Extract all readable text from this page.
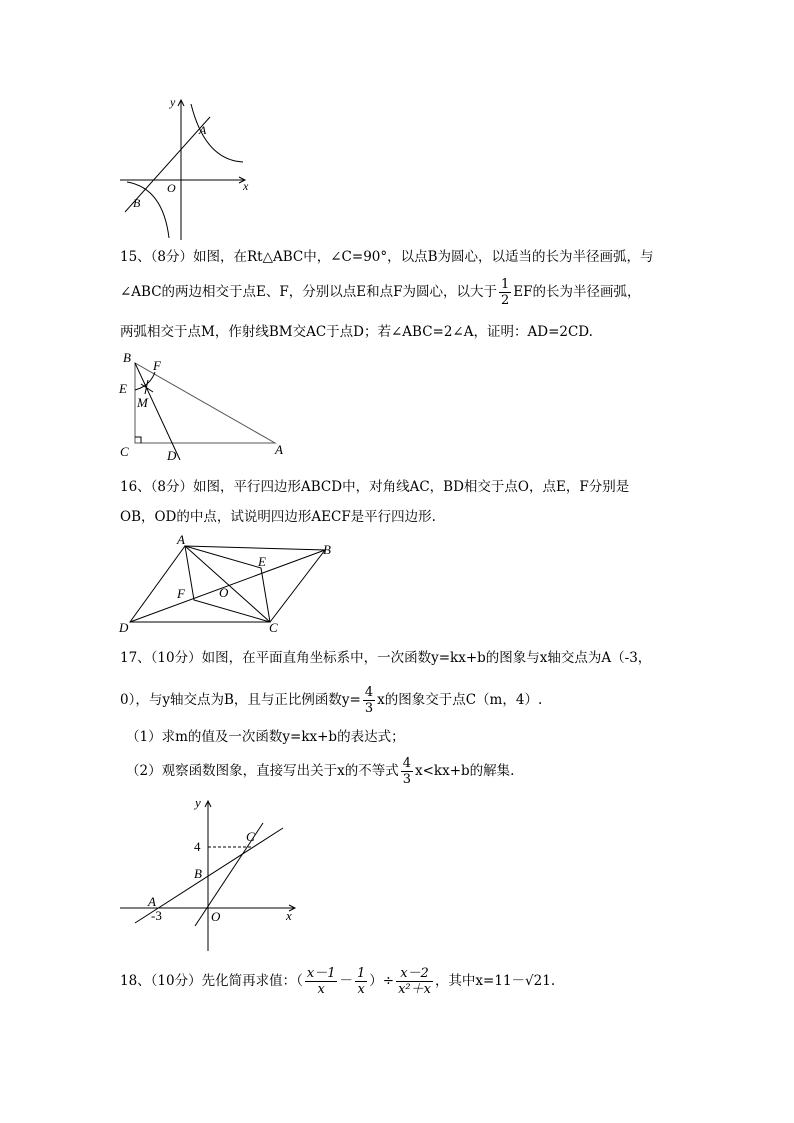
y
x
O
A
B
15、（8分）如图，在Rt△ABC中，∠C=90°，以点B为圆心，以适当的长为半径画弧，与
∠ABC的两边相交于点E、F，分别以点E和点F为圆心，以大于 $\frac{1}{2}$ EF的长为半径画弧，
两弧相交于点M，作射线BM交AC于点D；若∠ABC=2∠A，证明：AD=2CD.
B
F
E
M
C	D	A
16、（8分）如图，平行四边形ABCD中，对角线AC，BD相交于点O，点E，F分别是
OB，OD的中点，试说明四边形AECF是平行四边形.
A
B
E
F	O
D	C
17、（10分）如图，在平面直角坐标系中，一次函数y=kx+b的图象与x轴交点为A（-3，
0），与y轴交点为B，且与正比例函数$y= \frac{4}{3}$ x的图象交于点C（m，4）.
（1）求m的值及一次函数y=kx+b的表达式；
（2）观察函数图象，直接写出关于x的不等式 $\frac{4}{3} x<kx+b$的解集.
y
C
4
B
A
-3	O	x
18、（10分）先化简再求值：（ $\frac{x-1}{x} - \frac{1}{x}$ ）÷ $\frac{x-2}{\text{x²＋x}}$ ，其中x=11－√21.
